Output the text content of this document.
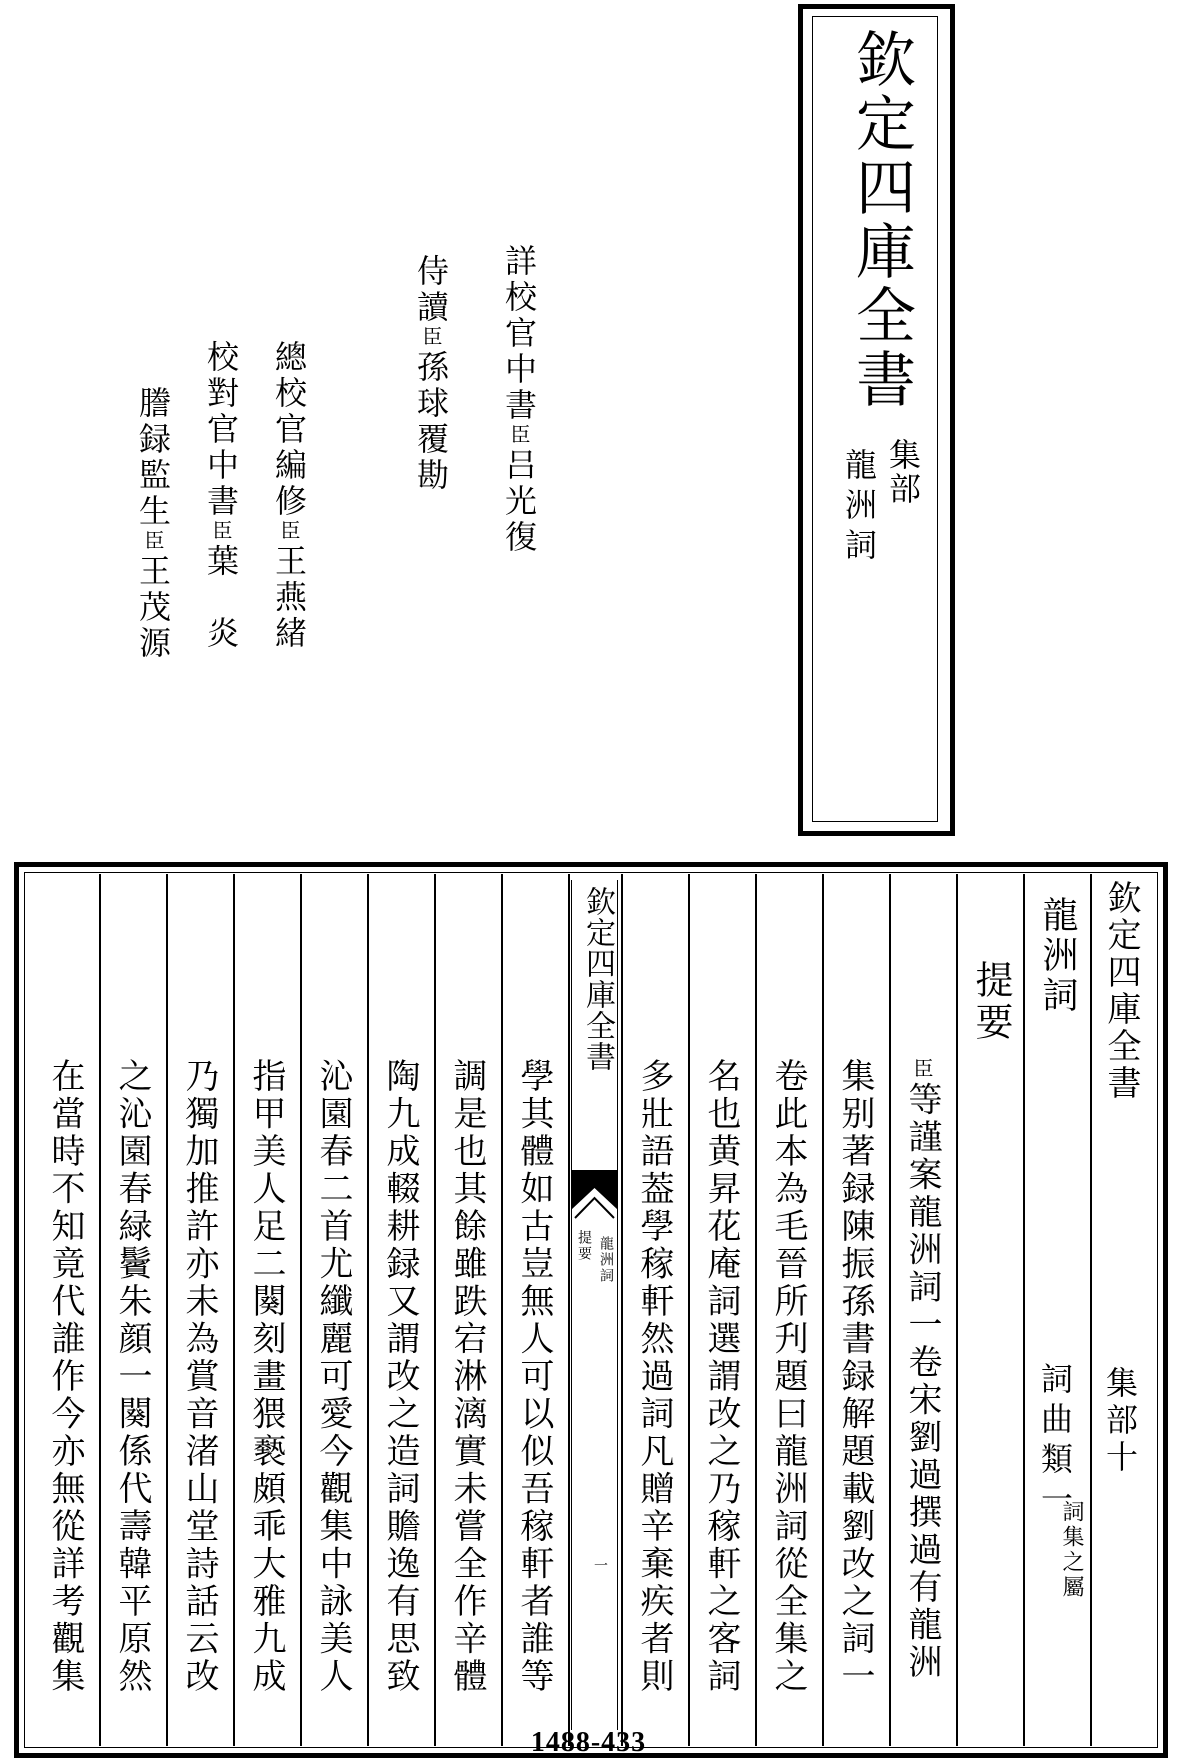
欽定四庫全書
集部
龍洲詞
詳校官中書臣吕光復
侍讀臣孫球覆勘
總校官編修臣王燕緒
校對官中書臣葉　炎
謄録監生臣王茂源
欽定四庫全書
集部十
龍洲詞
詞曲類一
詞集之屬
提要
臣等謹案龍洲詞一卷宋劉過撰過有龍洲
集别著録陳振孫書録解題載劉改之詞一
卷此本為毛晉所刋題曰龍洲詞從全集之
名也黄昇花庵詞選謂改之乃稼軒之客詞
多壯語葢學稼軒然過詞凡贈辛棄疾者則
學其體如古豈無人可以似吾稼軒者誰等
調是也其餘雖跌宕淋漓實未嘗全作辛體
陶九成輟耕録又謂改之造詞贍逸有思致
沁園春二首尤纖麗可愛今觀集中詠美人
指甲美人足二闋刻畫猥褻頗乖大雅九成
乃獨加推許亦未為賞音渚山堂詩話云改
之沁園春緑鬢朱顔一闋係代壽韓平原然
在當時不知竟代誰作今亦無從詳考觀集
欽定四庫全書
龍洲詞
提要
一
1488-433
